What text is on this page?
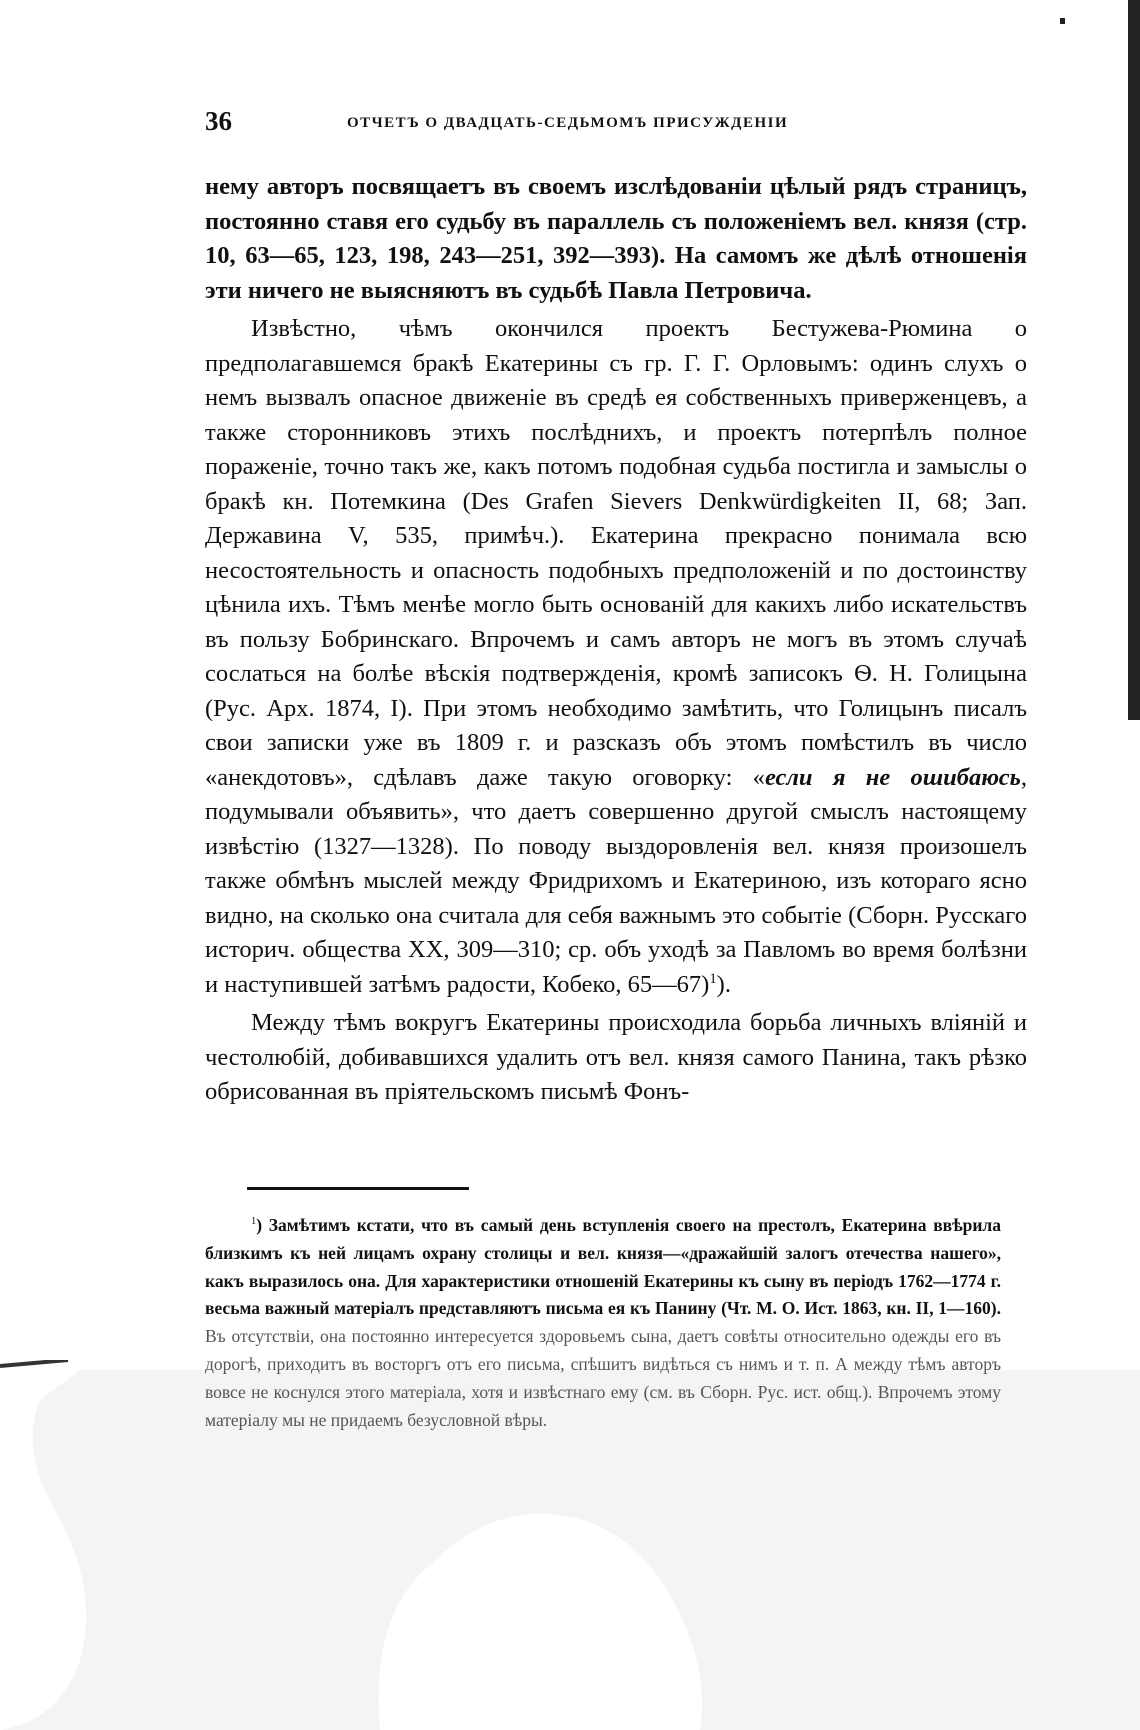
36	ОТЧЕТЪ О ДВАДЦАТЬ-СЕДЬМОМЪ ПРИСУЖДЕНІИ

нему авторъ посвящаетъ въ своемъ изслѣдованіи цѣлый рядъ страницъ, постоянно ставя его судьбу въ параллель съ положеніемъ вел. князя (стр. 10, 63—65, 123, 198, 243—251, 392—393). На самомъ же дѣлѣ отношенія эти ничего не выясняютъ въ судьбѣ Павла Петровича.

Извѣстно, чѣмъ окончился проектъ Бестужева-Рюмина о предполагавшемся бракѣ Екатерины съ гр. Г. Г. Орловымъ: одинъ слухъ о немъ вызвалъ опасное движеніе въ средѣ ея собственныхъ приверженцевъ, а также сторонниковъ этихъ послѣднихъ, и проектъ потерпѣлъ полное пораженіе, точно такъ же, какъ потомъ подобная судьба постигла и замыслы о бракѣ кн. Потемкина (Des Grafen Sievers Denkwürdigkeiten II, 68; Зап. Державина V, 535, примѣч.). Екатерина прекрасно понимала всю несостоятельность и опасность подобныхъ предположеній и по достоинству цѣнила ихъ. Тѣмъ менѣе могло быть основаній для какихъ либо искательствъ въ пользу Бобринскаго. Впрочемъ и самъ авторъ не могъ въ этомъ случаѣ сослаться на болѣе вѣскія подтвержденія, кромѣ записокъ Ѳ. Н. Голицына (Рус. Арх. 1874, I). При этомъ необходимо замѣтить, что Голицынъ писалъ свои записки уже въ 1809 г. и разсказъ объ этомъ помѣстилъ въ число «анекдотовъ», сдѣлавъ даже такую оговорку: «если я не ошибаюсь, подумывали объявить», что даетъ совершенно другой смыслъ настоящему извѣстію (1327—1328). По поводу выздоровленія вел. князя произошелъ также обмѣнъ мыслей между Фридрихомъ и Екатериною, изъ котораго ясно видно, на сколько она считала для себя важнымъ это событіе (Сборн. Русскаго историч. общества XX, 309—310; ср. объ уходѣ за Павломъ во время болѣзни и наступившей затѣмъ радости, Кобеко, 65—67)$^1$).

Между тѣмъ вокругъ Екатерины происходила борьба личныхъ вліяній и честолюбій, добивавшихся удалить отъ вел. князя самого Панина, такъ рѣзко обрисованная въ пріятельскомъ письмѣ Фонъ-

$^1$) Замѣтимъ кстати, что въ самый день вступленія своего на престолъ, Екатерина ввѣрила близкимъ къ ней лицамъ охрану столицы и вел. князя—«дражайшій залогъ отечества нашего», какъ выразилось она. Для характеристики отношеній Екатерины къ сыну въ періодъ 1762—1774 г. весьма важный матеріалъ представляютъ письма ея къ Панину (Чт. М. О. Ист. 1863, кн. II, 1—160). Въ отсутствіи, она постоянно интересуется здоровьемъ сына, даетъ совѣты относительно одежды его въ дорогѣ, приходитъ въ восторгъ отъ его письма, спѣшитъ видѣться съ нимъ и т. п. А между тѣмъ авторъ вовсе не коснулся этого матеріала, хотя и извѣстнаго ему (см. въ Сборн. Рус. ист. общ.). Впрочемъ этому матеріалу мы не придаемъ безусловной вѣры.
